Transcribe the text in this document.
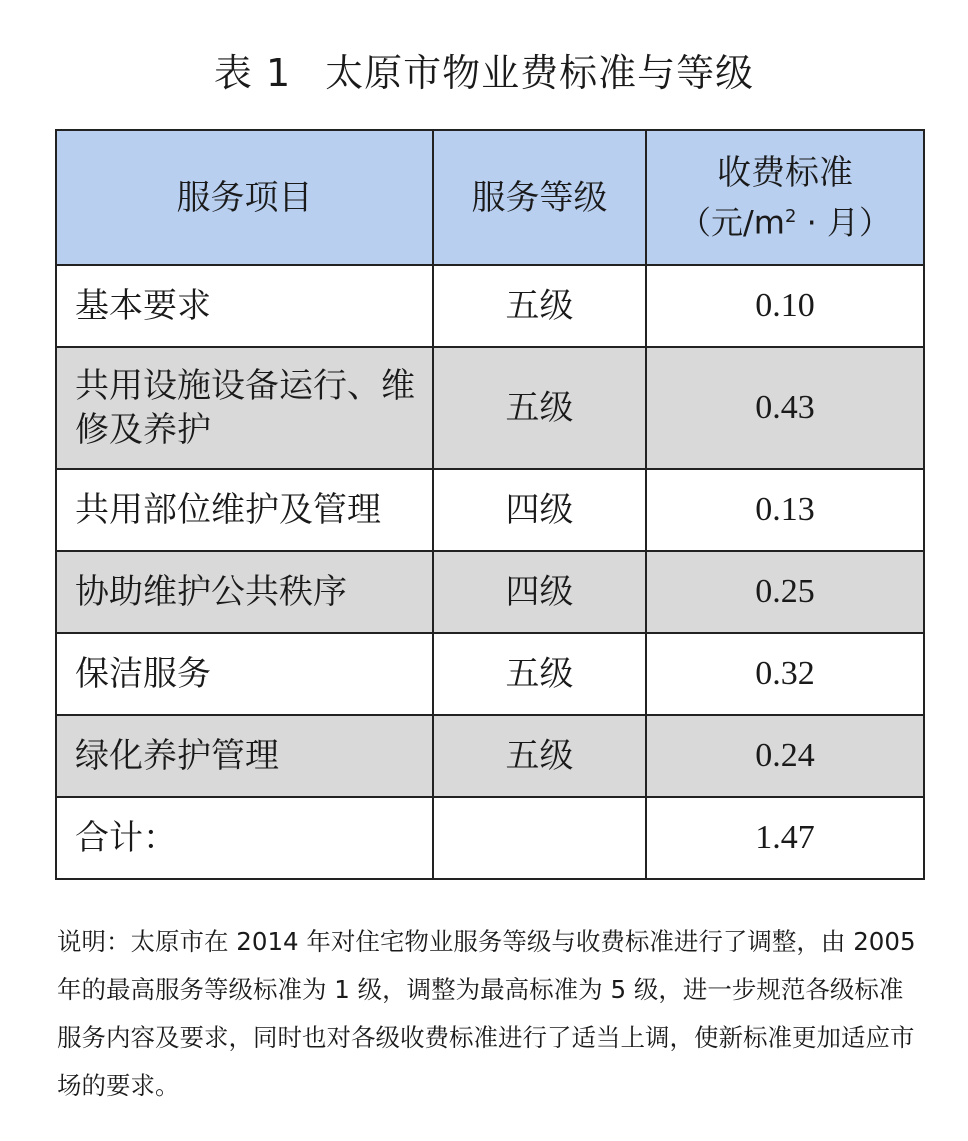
表 1 太原市物业费标准与等级
服务项目	服务等级	收费标准
（元$/m^2$ · 月）

基本要求	五级	0.10
共用设施设备运行、维修及养护	五级	0.43
共用部位维护及管理	四级	0.13
协助维护公共秩序	四级	0.25
保洁服务	五级	0.32
绿化养护管理	五级	0.24
合计：		1.47
说明：太原市在 2014 年对住宅物业服务等级与收费标准进行了调整，由 2005 年的最高服务等级标准为 1 级，调整为最高标准为 5 级，进一步规范各级标准服务内容及要求，同时也对各级收费标准进行了适当上调，使新标准更加适应市场的要求。
